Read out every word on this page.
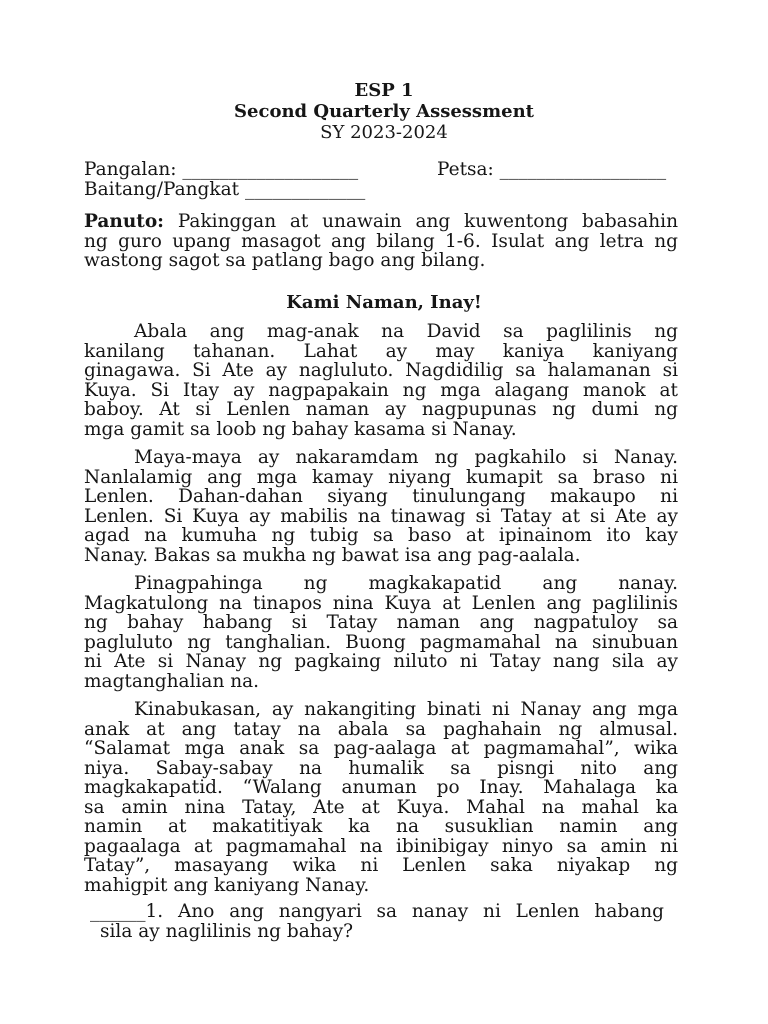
ESP 1
Second Quarterly Assessment
SY 2023-2024
Pangalan: ___________________	Petsa: __________________
Baitang/Pangkat _____________
Panuto: Pakinggan at unawain ang kuwentong babasahin
ng guro upang masagot ang bilang 1-6. Isulat ang letra ng
wastong sagot sa patlang bago ang bilang.
Kami Naman, Inay!
Abala ang mag-anak na David sa paglilinis ng
kanilang tahanan. Lahat ay may kaniya kaniyang
ginagawa. Si Ate ay nagluluto. Nagdidilig sa halamanan si
Kuya. Si Itay ay nagpapakain ng mga alagang manok at
baboy. At si Lenlen naman ay nagpupunas ng dumi ng
mga gamit sa loob ng bahay kasama si Nanay.
Maya-maya ay nakaramdam ng pagkahilo si Nanay.
Nanlalamig ang mga kamay niyang kumapit sa braso ni
Lenlen. Dahan-dahan siyang tinulungang makaupo ni
Lenlen. Si Kuya ay mabilis na tinawag si Tatay at si Ate ay
agad na kumuha ng tubig sa baso at ipinainom ito kay
Nanay. Bakas sa mukha ng bawat isa ang pag-aalala.
Pinagpahinga ng magkakapatid ang nanay.
Magkatulong na tinapos nina Kuya at Lenlen ang paglilinis
ng bahay habang si Tatay naman ang nagpatuloy sa
pagluluto ng tanghalian. Buong pagmamahal na sinubuan
ni Ate si Nanay ng pagkaing niluto ni Tatay nang sila ay
magtanghalian na.
Kinabukasan, ay nakangiting binati ni Nanay ang mga
anak at ang tatay na abala sa paghahain ng almusal.
“Salamat mga anak sa pag-aalaga at pagmamahal”, wika
niya. Sabay-sabay na humalik sa pisngi nito ang
magkakapatid. “Walang anuman po Inay. Mahalaga ka
sa amin nina Tatay, Ate at Kuya. Mahal na mahal ka
namin at makatitiyak ka na susuklian namin ang
pagaalaga at pagmamahal na ibinibigay ninyo sa amin ni
Tatay”, masayang wika ni Lenlen saka niyakap ng
mahigpit ang kaniyang Nanay.
______1. Ano ang nangyari sa nanay ni Lenlen habang
sila ay naglilinis ng bahay?
